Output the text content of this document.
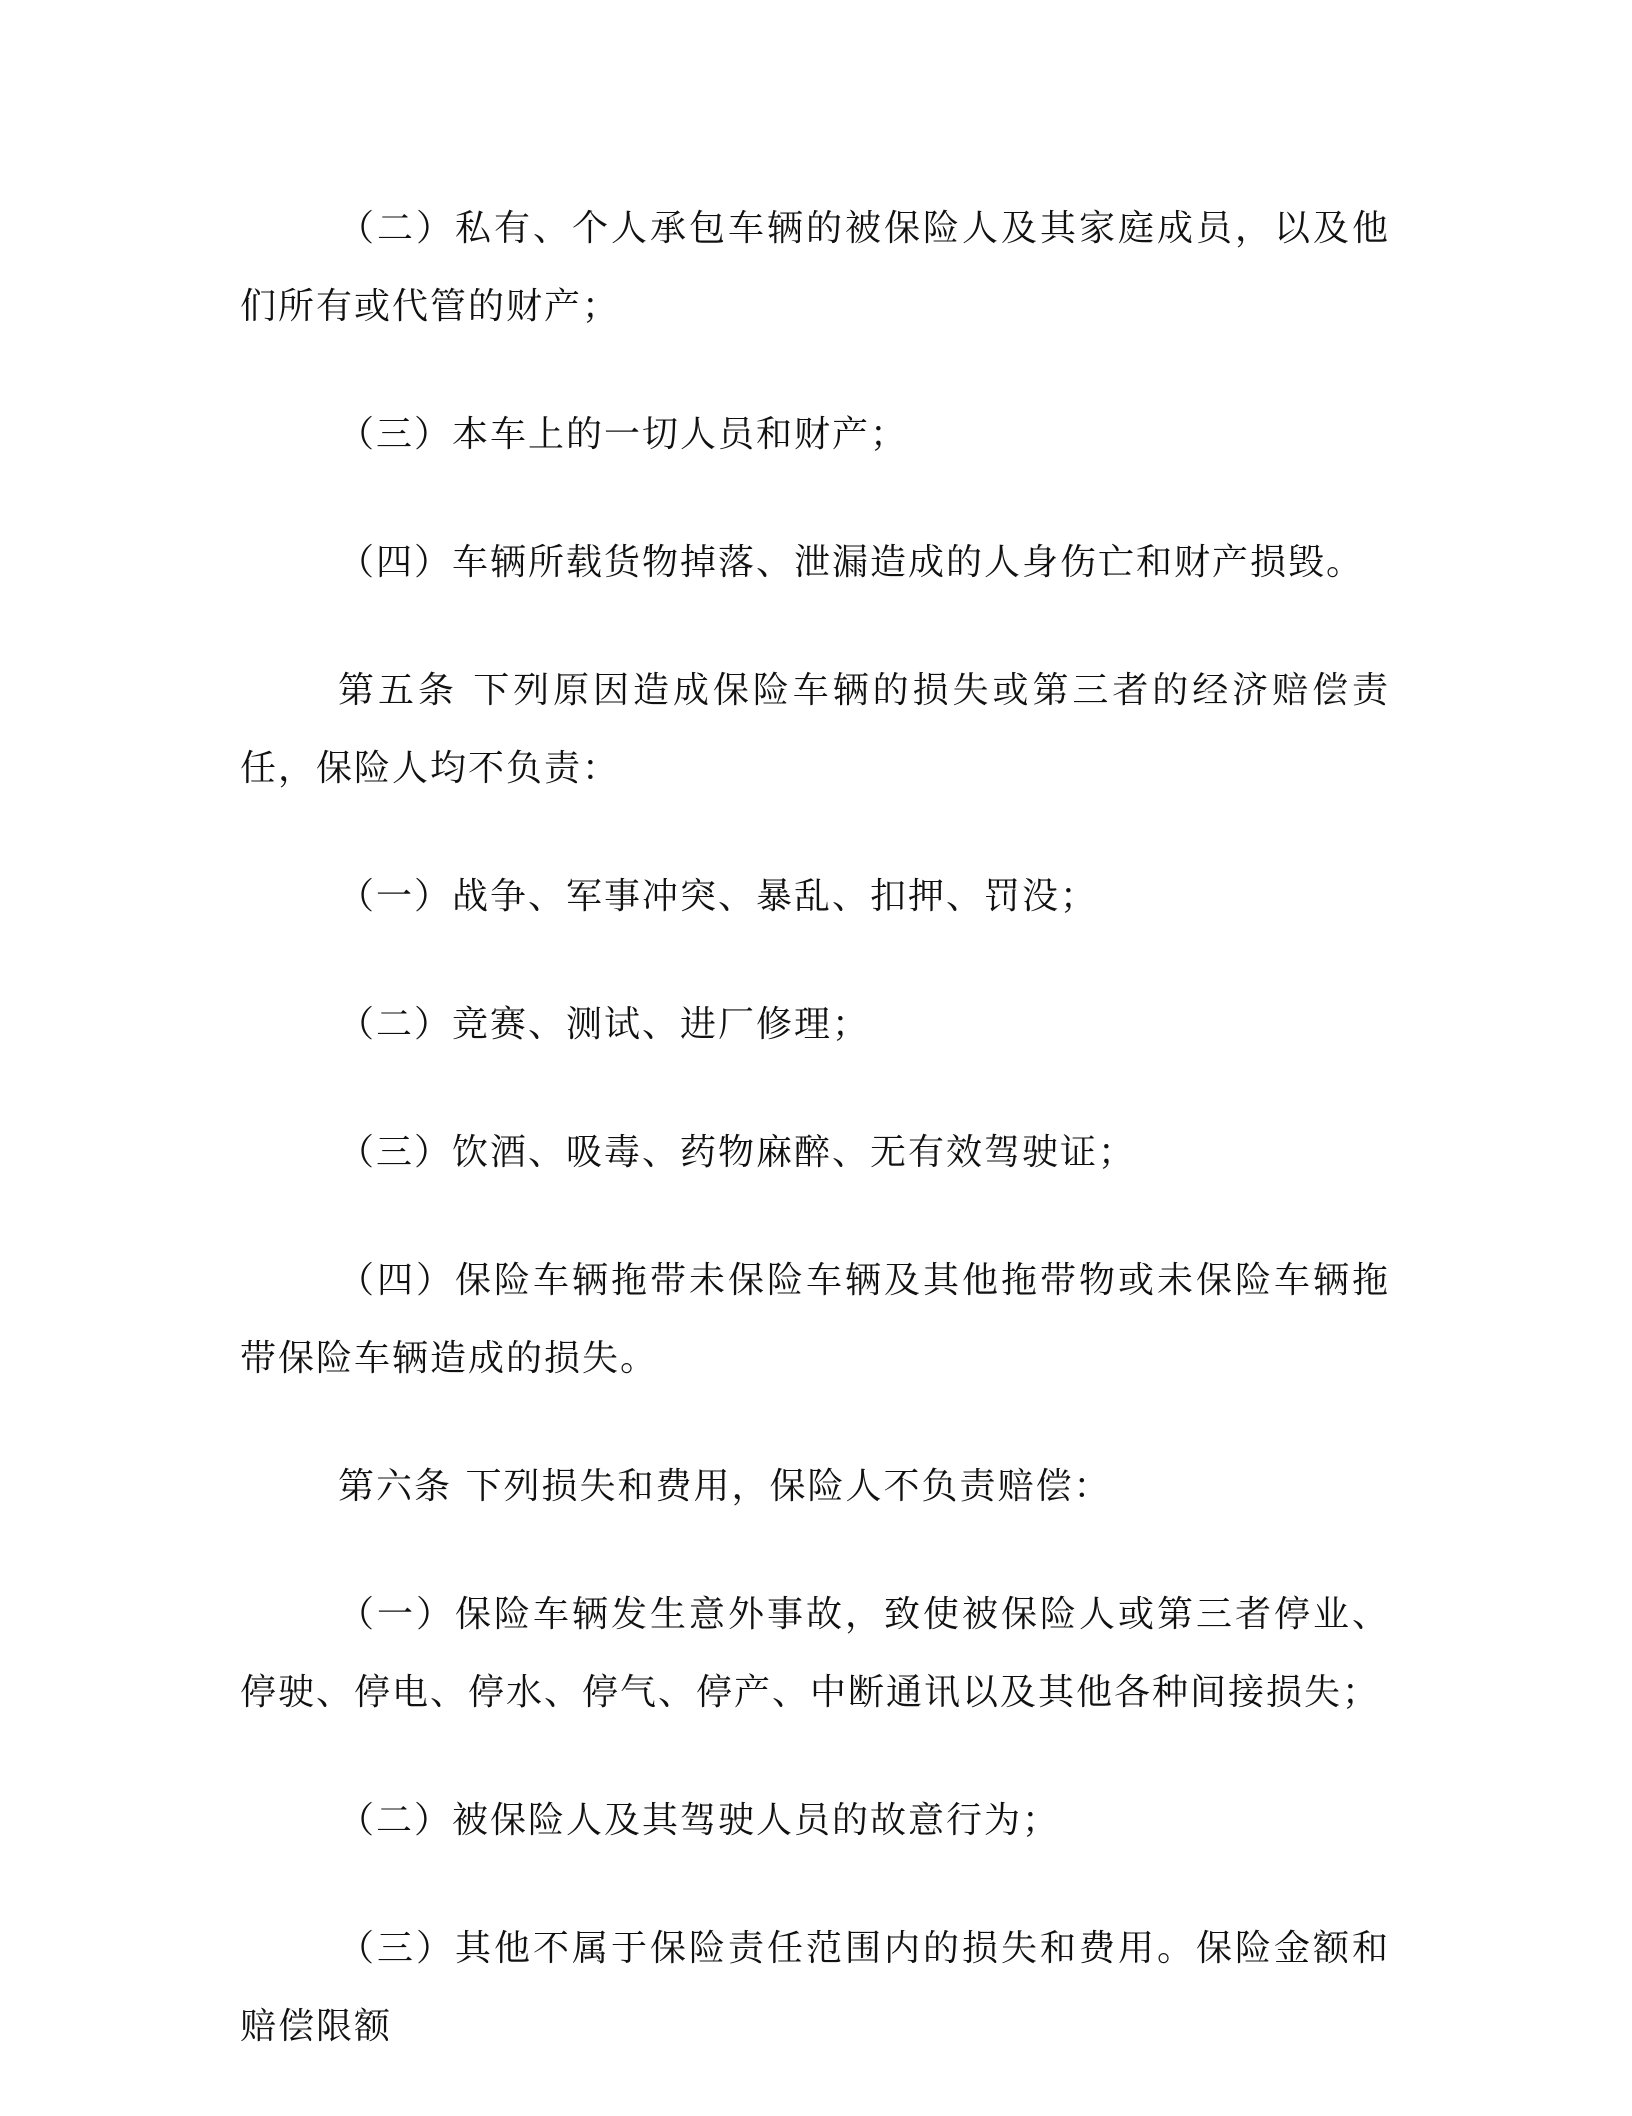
（二）私有、个人承包车辆的被保险人及其家庭成员，以及他们所有或代管的财产；

（三）本车上的一切人员和财产；

（四）车辆所载货物掉落、泄漏造成的人身伤亡和财产损毁。

第五条 下列原因造成保险车辆的损失或第三者的经济赔偿责任，保险人均不负责：

（一）战争、军事冲突、暴乱、扣押、罚没；

（二）竞赛、测试、进厂修理；

（三）饮酒、吸毒、药物麻醉、无有效驾驶证；

（四）保险车辆拖带未保险车辆及其他拖带物或未保险车辆拖带保险车辆造成的损失。

第六条 下列损失和费用，保险人不负责赔偿：

（一）保险车辆发生意外事故，致使被保险人或第三者停业、停驶、停电、停水、停气、停产、中断通讯以及其他各种间接损失；

（二）被保险人及其驾驶人员的故意行为；

（三）其他不属于保险责任范围内的损失和费用。保险金额和赔偿限额
